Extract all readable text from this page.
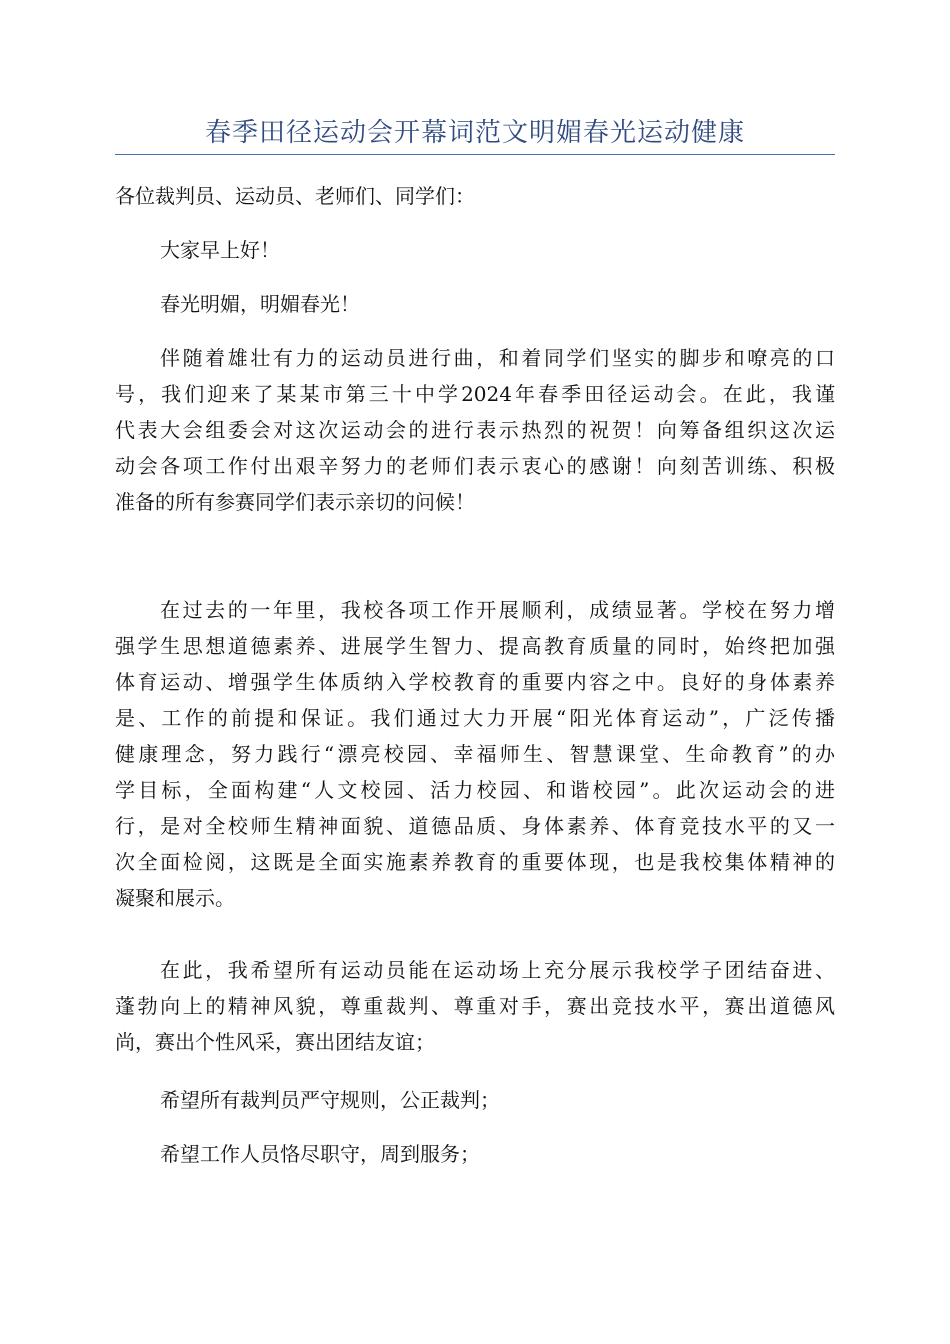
春季田径运动会开幕词范文明媚春光运动健康
各位裁判员、运动员、老师们、同学们：
大家早上好！
春光明媚，明媚春光！
伴随着雄壮有力的运动员进行曲，和着同学们坚实的脚步和嘹亮的口
号，我们迎来了某某市第三十中学2024年春季田径运动会。在此，我谨
代表大会组委会对这次运动会的进行表示热烈的祝贺！向筹备组织这次运
动会各项工作付出艰辛努力的老师们表示衷心的感谢！向刻苦训练、积极
准备的所有参赛同学们表示亲切的问候！
在过去的一年里，我校各项工作开展顺利，成绩显著。学校在努力增
强学生思想道德素养、进展学生智力、提高教育质量的同时，始终把加强
体育运动、增强学生体质纳入学校教育的重要内容之中。良好的身体素养
是、工作的前提和保证。我们通过大力开展“阳光体育运动”，广泛传播
健康理念，努力践行“漂亮校园、幸福师生、智慧课堂、生命教育”的办
学目标，全面构建“人文校园、活力校园、和谐校园”。此次运动会的进
行，是对全校师生精神面貌、道德品质、身体素养、体育竞技水平的又一
次全面检阅，这既是全面实施素养教育的重要体现，也是我校集体精神的
凝聚和展示。
在此，我希望所有运动员能在运动场上充分展示我校学子团结奋进、
蓬勃向上的精神风貌，尊重裁判、尊重对手，赛出竞技水平，赛出道德风
尚，赛出个性风采，赛出团结友谊；
希望所有裁判员严守规则，公正裁判；
希望工作人员恪尽职守，周到服务；
